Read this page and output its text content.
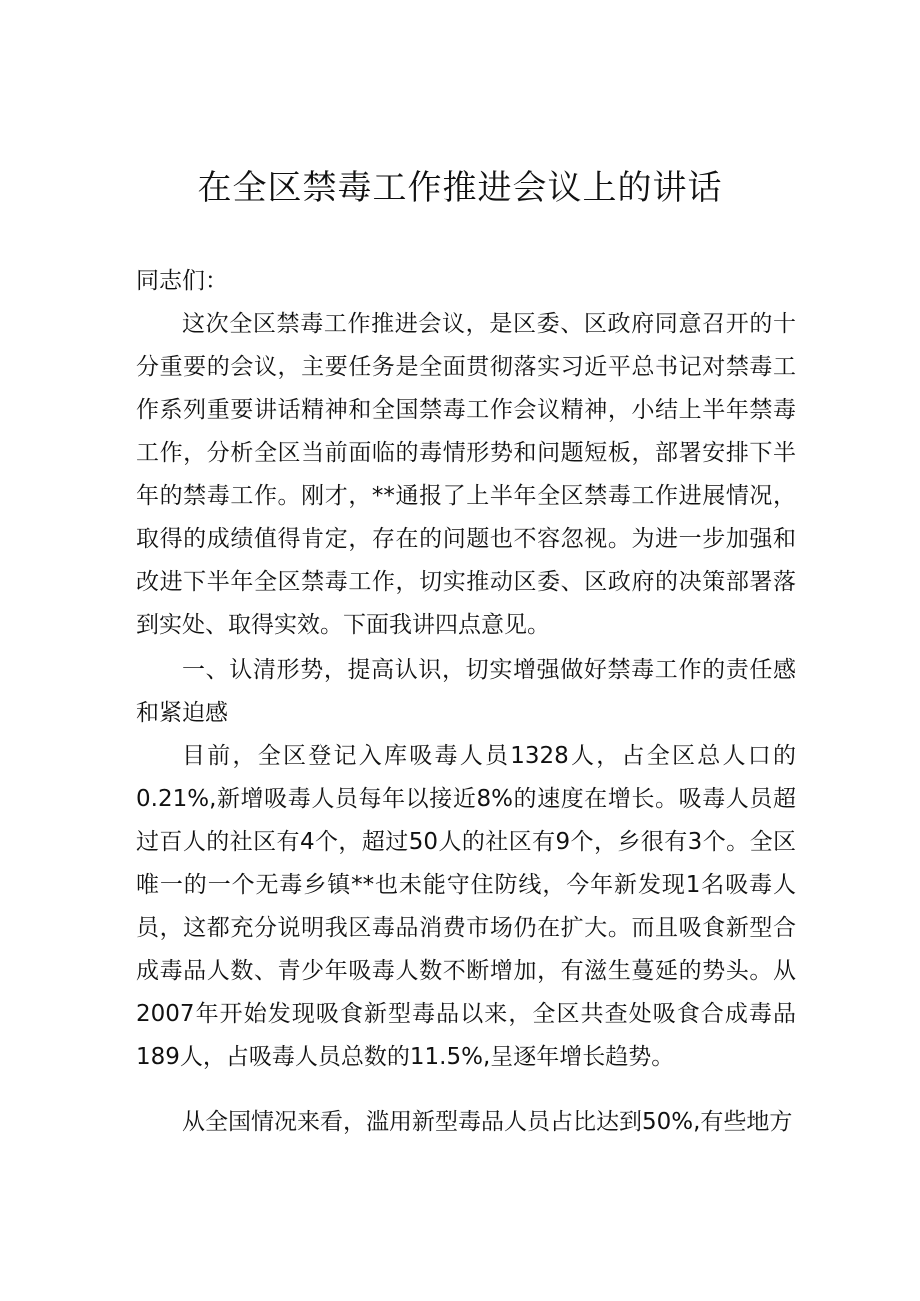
在全区禁毒工作推进会议上的讲话

同志们：

这次全区禁毒工作推进会议，是区委、区政府同意召开的十分重要的会议，主要任务是全面贯彻落实习近平总书记对禁毒工作系列重要讲话精神和全国禁毒工作会议精神，小结上半年禁毒工作，分析全区当前面临的毒情形势和问题短板，部署安排下半年的禁毒工作。刚才，**通报了上半年全区禁毒工作进展情况，取得的成绩值得肯定，存在的问题也不容忽视。为进一步加强和改进下半年全区禁毒工作，切实推动区委、区政府的决策部署落到实处、取得实效。下面我讲四点意见。

一、认清形势，提高认识，切实增强做好禁毒工作的责任感和紧迫感

目前，全区登记入库吸毒人员1328人，占全区总人口的0.21%,新增吸毒人员每年以接近8%的速度在增长。吸毒人员超过百人的社区有4个，超过50人的社区有9个，乡很有3个。全区唯一的一个无毒乡镇**也未能守住防线，今年新发现1名吸毒人员，这都充分说明我区毒品消费市场仍在扩大。而且吸食新型合成毒品人数、青少年吸毒人数不断增加，有滋生蔓延的势头。从2007年开始发现吸食新型毒品以来，全区共查处吸食合成毒品189人，占吸毒人员总数的11.5%,呈逐年增长趋势。

从全国情况来看，滥用新型毒品人员占比达到50%,有些地方
